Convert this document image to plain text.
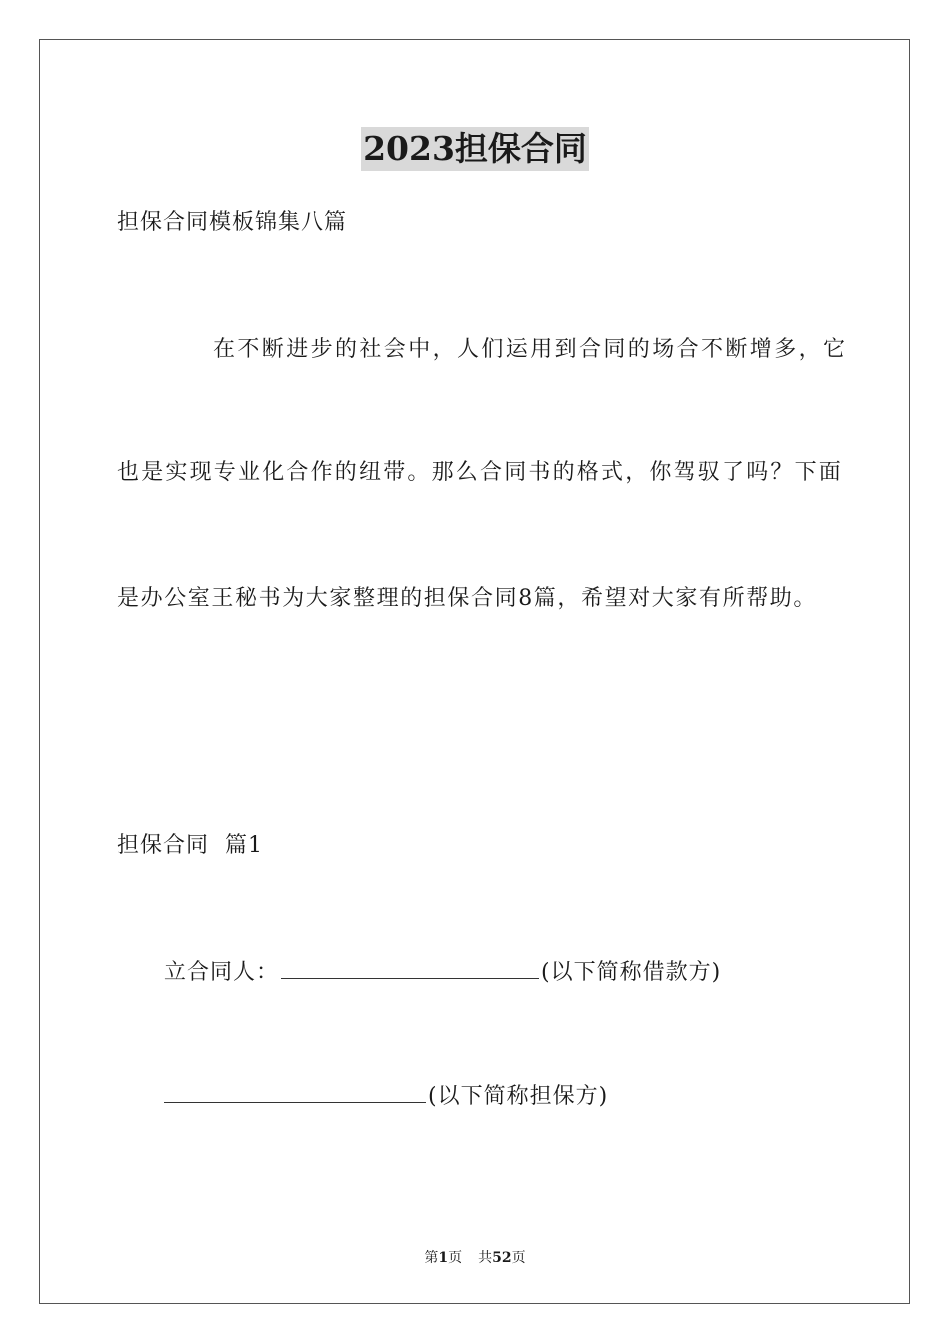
2023担保合同
担保合同模板锦集八篇
在不断进步的社会中，人们运用到合同的场合不断增多，它
也是实现专业化合作的纽带。那么合同书的格式，你驾驭了吗？下面
是办公室王秘书为大家整理的担保合同8篇，希望对大家有所帮助。
担保合同  篇1
立合同人：	(以下简称借款方)
(以下简称担保方)
第1页 共52页
